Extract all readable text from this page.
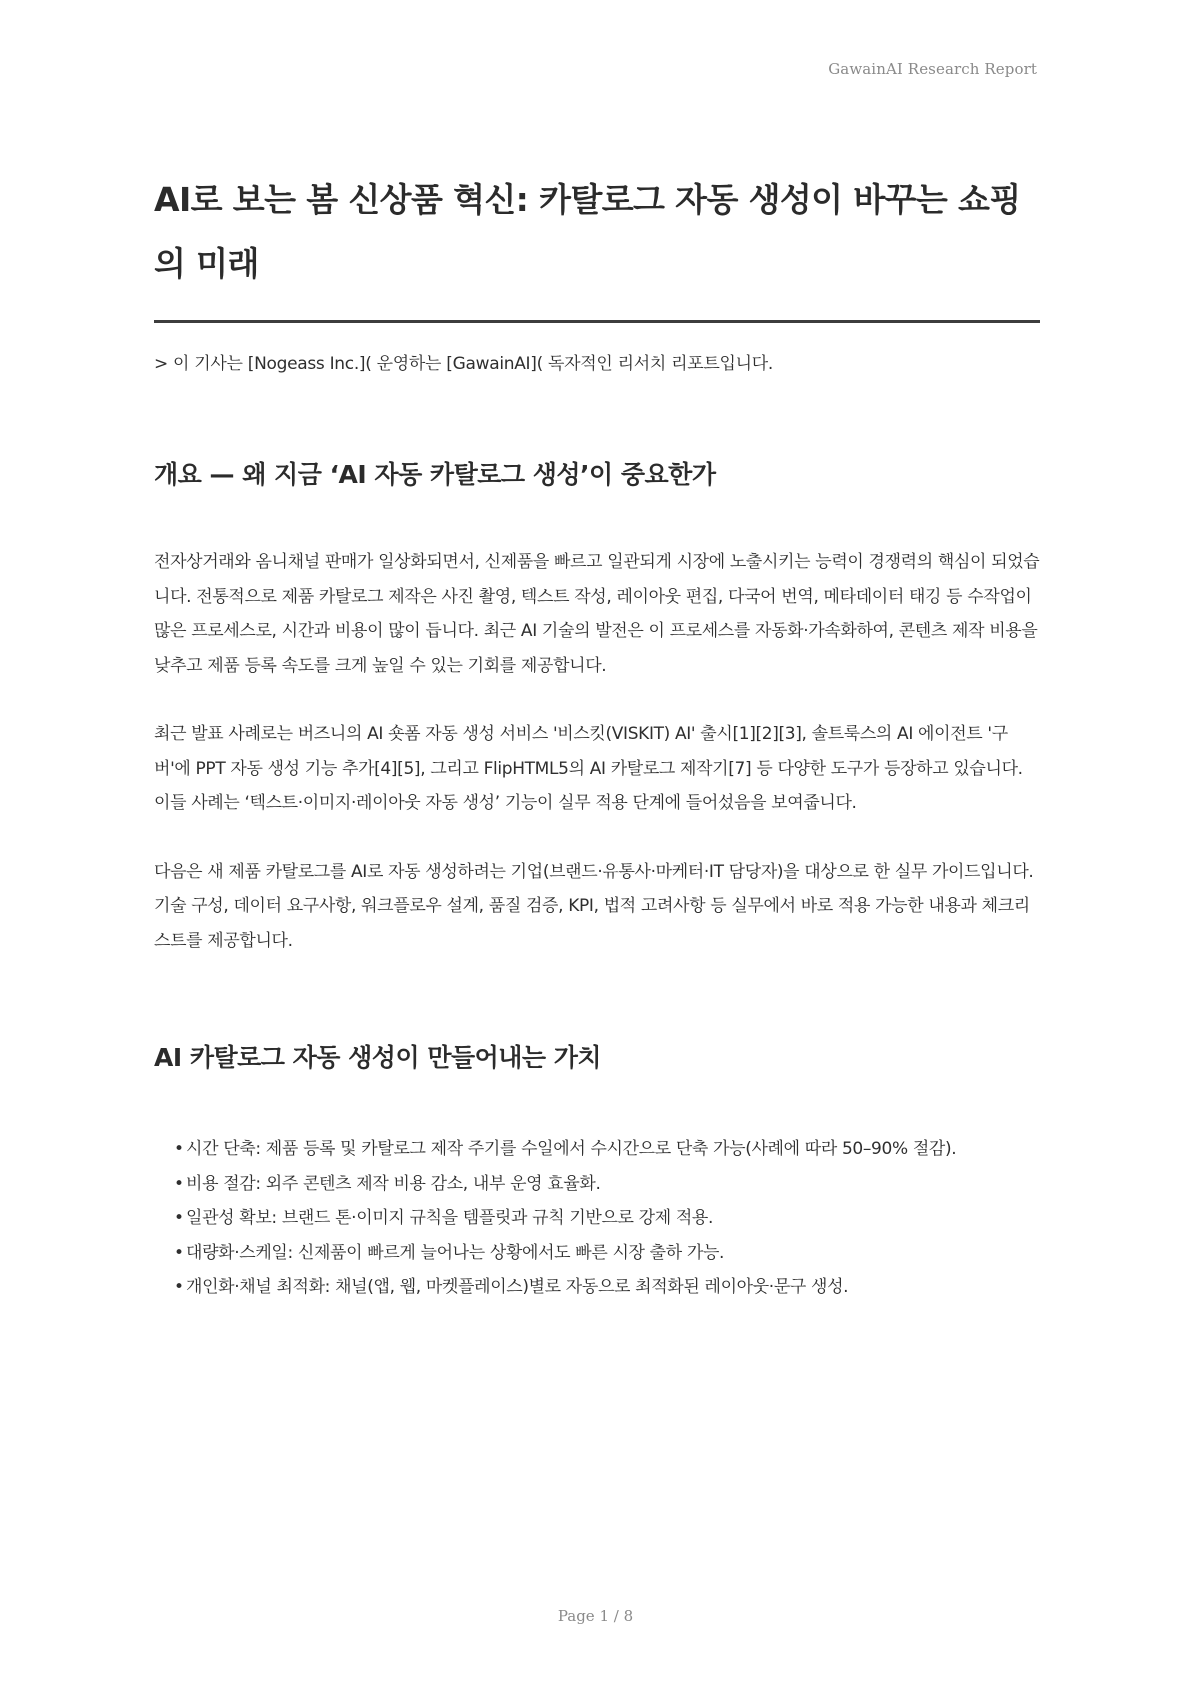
GawainAI Research Report
AI로 보는 봄 신상품 혁신: 카탈로그 자동 생성이 바꾸는 쇼핑의 미래

> 이 기사는 [Nogeass Inc.]( 운영하는 [GawainAI]( 독자적인 리서치 리포트입니다.

개요 — 왜 지금 ‘AI 자동 카탈로그 생성’이 중요한가

전자상거래와 옴니채널 판매가 일상화되면서, 신제품을 빠르고 일관되게 시장에 노출시키는 능력이 경쟁력의 핵심이 되었습니다. 전통적으로 제품 카탈로그 제작은 사진 촬영, 텍스트 작성, 레이아웃 편집, 다국어 번역, 메타데이터 태깅 등 수작업이 많은 프로세스로, 시간과 비용이 많이 듭니다. 최근 AI 기술의 발전은 이 프로세스를 자동화·가속화하여, 콘텐츠 제작 비용을 낮추고 제품 등록 속도를 크게 높일 수 있는 기회를 제공합니다.

최근 발표 사례로는 버즈니의 AI 숏폼 자동 생성 서비스 '비스킷(VISKIT) AI' 출시[1][2][3], 솔트룩스의 AI 에이전트 '구버'에 PPT 자동 생성 기능 추가[4][5], 그리고 FlipHTML5의 AI 카탈로그 제작기[7] 등 다양한 도구가 등장하고 있습니다. 이들 사례는 ‘텍스트·이미지·레이아웃 자동 생성’ 기능이 실무 적용 단계에 들어섰음을 보여줍니다.

다음은 새 제품 카탈로그를 AI로 자동 생성하려는 기업(브랜드·유통사·마케터·IT 담당자)을 대상으로 한 실무 가이드입니다. 기술 구성, 데이터 요구사항, 워크플로우 설계, 품질 검증, KPI, 법적 고려사항 등 실무에서 바로 적용 가능한 내용과 체크리스트를 제공합니다.

AI 카탈로그 자동 생성이 만들어내는 가치
• 시간 단축: 제품 등록 및 카탈로그 제작 주기를 수일에서 수시간으로 단축 가능(사례에 따라 50–90% 절감).
• 비용 절감: 외주 콘텐츠 제작 비용 감소, 내부 운영 효율화.
• 일관성 확보: 브랜드 톤·이미지 규칙을 템플릿과 규칙 기반으로 강제 적용.
• 대량화·스케일: 신제품이 빠르게 늘어나는 상황에서도 빠른 시장 출하 가능.
• 개인화·채널 최적화: 채널(앱, 웹, 마켓플레이스)별로 자동으로 최적화된 레이아웃·문구 생성.
Page 1 / 8
